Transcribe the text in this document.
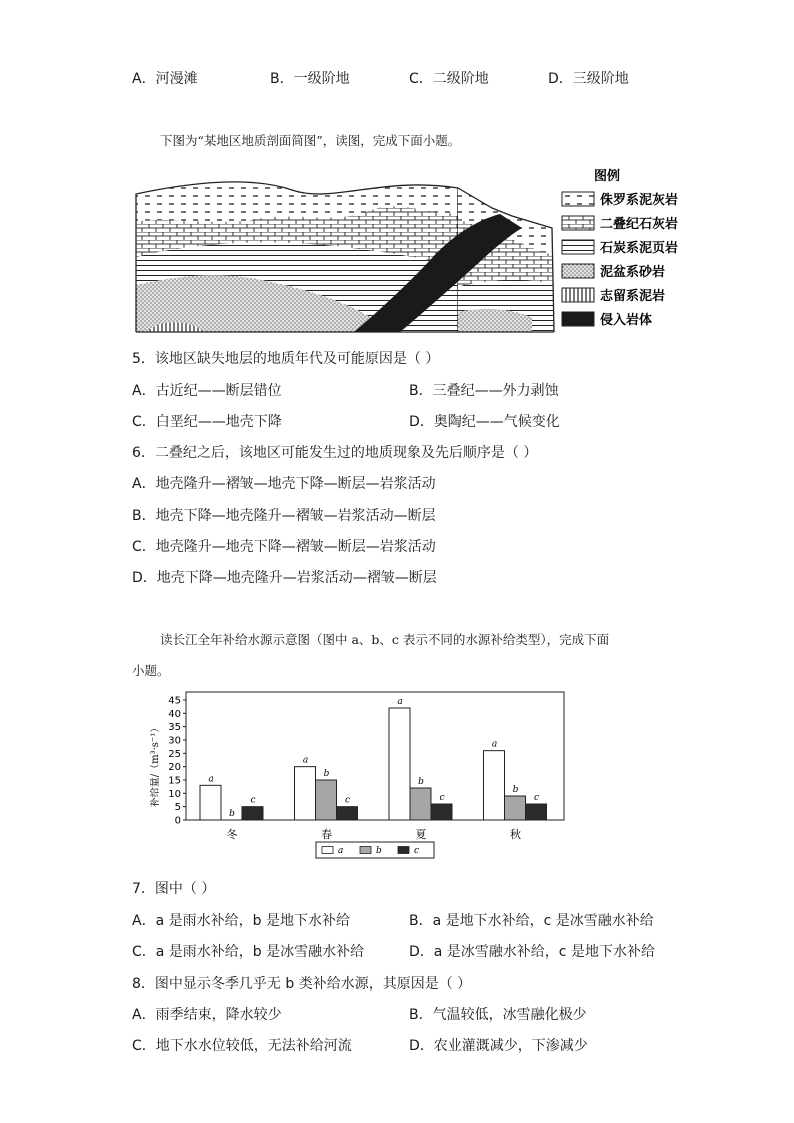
A．河漫滩	B．一级阶地	C．二级阶地	D．三级阶地
下图为“某地区地质剖面简图”，读图，完成下面小题。
图例
侏罗系泥灰岩
二叠纪石灰岩
石炭系泥页岩
泥盆系砂岩
志留系泥岩
侵入岩体
5．该地区缺失地层的地质年代及可能原因是（ ）
A．古近纪——断层错位	B．三叠纪——外力剥蚀
C．白垩纪——地壳下降	D．奥陶纪——气候变化
6．二叠纪之后，该地区可能发生过的地质现象及先后顺序是（ ）
A．地壳隆升—褶皱—地壳下降—断层—岩浆活动
B．地壳下降—地壳隆升—褶皱—岩浆活动—断层
C．地壳隆升—地壳下降—褶皱—断层—岩浆活动
D．地壳下降—地壳隆升—岩浆活动—褶皱—断层
读长江全年补给水源示意图（图中 a、b、c 表示不同的水源补给类型），完成下面
小题。
0
5
10
15
20
25
30
35
40
45
a
b
c
冬
a
b
c
春
a
b
c
夏
a
b
c
秋
a	b	c
补给量/（m³·s⁻¹）
7．图中（ ）
A．a 是雨水补给，b 是地下水补给	B．a 是地下水补给，c 是冰雪融水补给
C．a 是雨水补给，b 是冰雪融水补给	D．a 是冰雪融水补给，c 是地下水补给
8．图中显示冬季几乎无 b 类补给水源，其原因是（ ）
A．雨季结束，降水较少	B．气温较低，冰雪融化极少
C．地下水水位较低，无法补给河流	D．农业灌溉减少，下渗减少
